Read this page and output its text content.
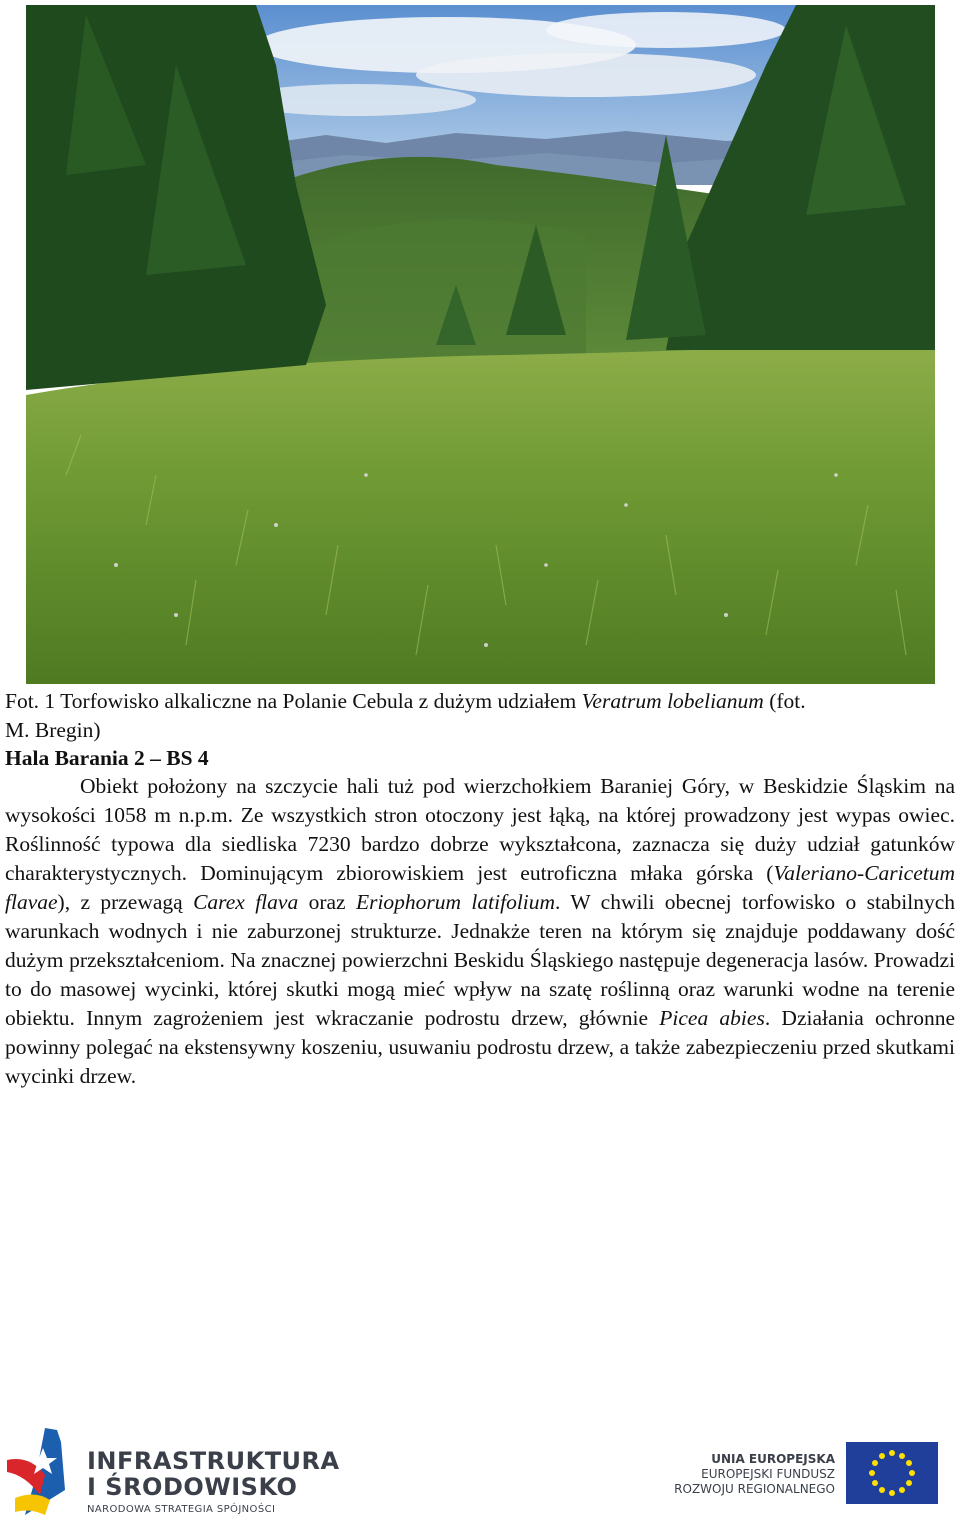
Fot. 1 Torfowisko alkaliczne na Polanie Cebula z dużym udziałem Veratrum lobelianum (fot.
M. Bregin)
Hala Barania 2 – BS 4
Obiekt położony na szczycie hali tuż pod wierzchołkiem Baraniej Góry, w Beskidzie Śląskim na wysokości 1058 m n.p.m. Ze wszystkich stron otoczony jest łąką, na której prowadzony jest wypas owiec. Roślinność typowa dla siedliska 7230 bardzo dobrze wykształcona, zaznacza się duży udział gatunków charakterystycznych. Dominującym zbiorowiskiem jest eutroficzna młaka górska (Valeriano-Caricetum flavae), z przewagą Carex flava oraz Eriophorum latifolium. W chwili obecnej torfowisko o stabilnych warunkach wodnych i nie zaburzonej strukturze. Jednakże teren na którym się znajduje poddawany dość dużym przekształceniom. Na znacznej powierzchni Beskidu Śląskiego następuje degeneracja lasów. Prowadzi to do masowej wycinki, której skutki mogą mieć wpływ na szatę roślinną oraz warunki wodne na terenie obiektu. Innym zagrożeniem jest wkraczanie podrostu drzew, głównie Picea abies. Działania ochronne powinny polegać na ekstensywny koszeniu, usuwaniu podrostu drzew, a także zabezpieczeniu przed skutkami wycinki drzew.
INFRASTRUKTURA
I ŚRODOWISKO
NARODOWA STRATEGIA SPÓJNOŚCI
UNIA EUROPEJSKA
EUROPEJSKI FUNDUSZ
ROZWOJU REGIONALNEGO
